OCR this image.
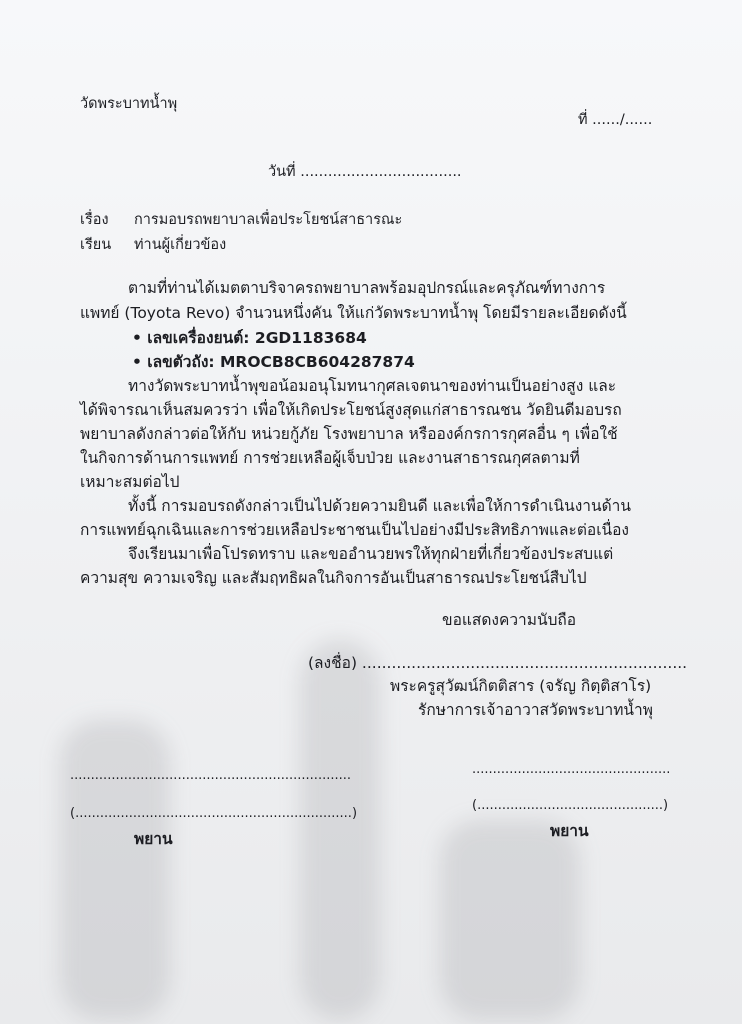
วัดพระบาทน้ำพุ
ที่ ....../......
วันที่ ...................................
เรื่อง การมอบรถพยาบาลเพื่อประโยชน์สาธารณะ
เรียน ท่านผู้เกี่ยวข้อง
ตามที่ท่านได้เมตตาบริจาครถพยาบาลพร้อมอุปกรณ์และครุภัณฑ์ทางการ
แพทย์ (Toyota Revo) จำนวนหนึ่งคัน ให้แก่วัดพระบาทน้ำพุ โดยมีรายละเอียดดังนี้
• เลขเครื่องยนต์: 2GD1183684
• เลขตัวถัง: MROCB8CB604287874
ทางวัดพระบาทน้ำพุขอน้อมอนุโมทนากุศลเจตนาของท่านเป็นอย่างสูง และ
ได้พิจารณาเห็นสมควรว่า เพื่อให้เกิดประโยชน์สูงสุดแก่สาธารณชน วัดยินดีมอบรถ
พยาบาลดังกล่าวต่อให้กับ หน่วยกู้ภัย โรงพยาบาล หรือองค์กรการกุศลอื่น ๆ เพื่อใช้
ในกิจการด้านการแพทย์ การช่วยเหลือผู้เจ็บป่วย และงานสาธารณกุศลตามที่
เหมาะสมต่อไป
ทั้งนี้ การมอบรถดังกล่าวเป็นไปด้วยความยินดี และเพื่อให้การดำเนินงานด้าน
การแพทย์ฉุกเฉินและการช่วยเหลือประชาชนเป็นไปอย่างมีประสิทธิภาพและต่อเนื่อง
จึงเรียนมาเพื่อโปรดทราบ และขออำนวยพรให้ทุกฝ่ายที่เกี่ยวข้องประสบแต่
ความสุข ความเจริญ และสัมฤทธิผลในกิจการอันเป็นสาธารณประโยชน์สืบไป
ขอแสดงความนับถือ
(ลงชื่อ) ..................................................................
พระครูสุวัฒน์กิตติสาร (จรัญ กิตฺติสาโร)
รักษาการเจ้าอาวาสวัดพระบาทน้ำพุ
....................................................................
(...................................................................)
พยาน
................................................
(.............................................)
พยาน
